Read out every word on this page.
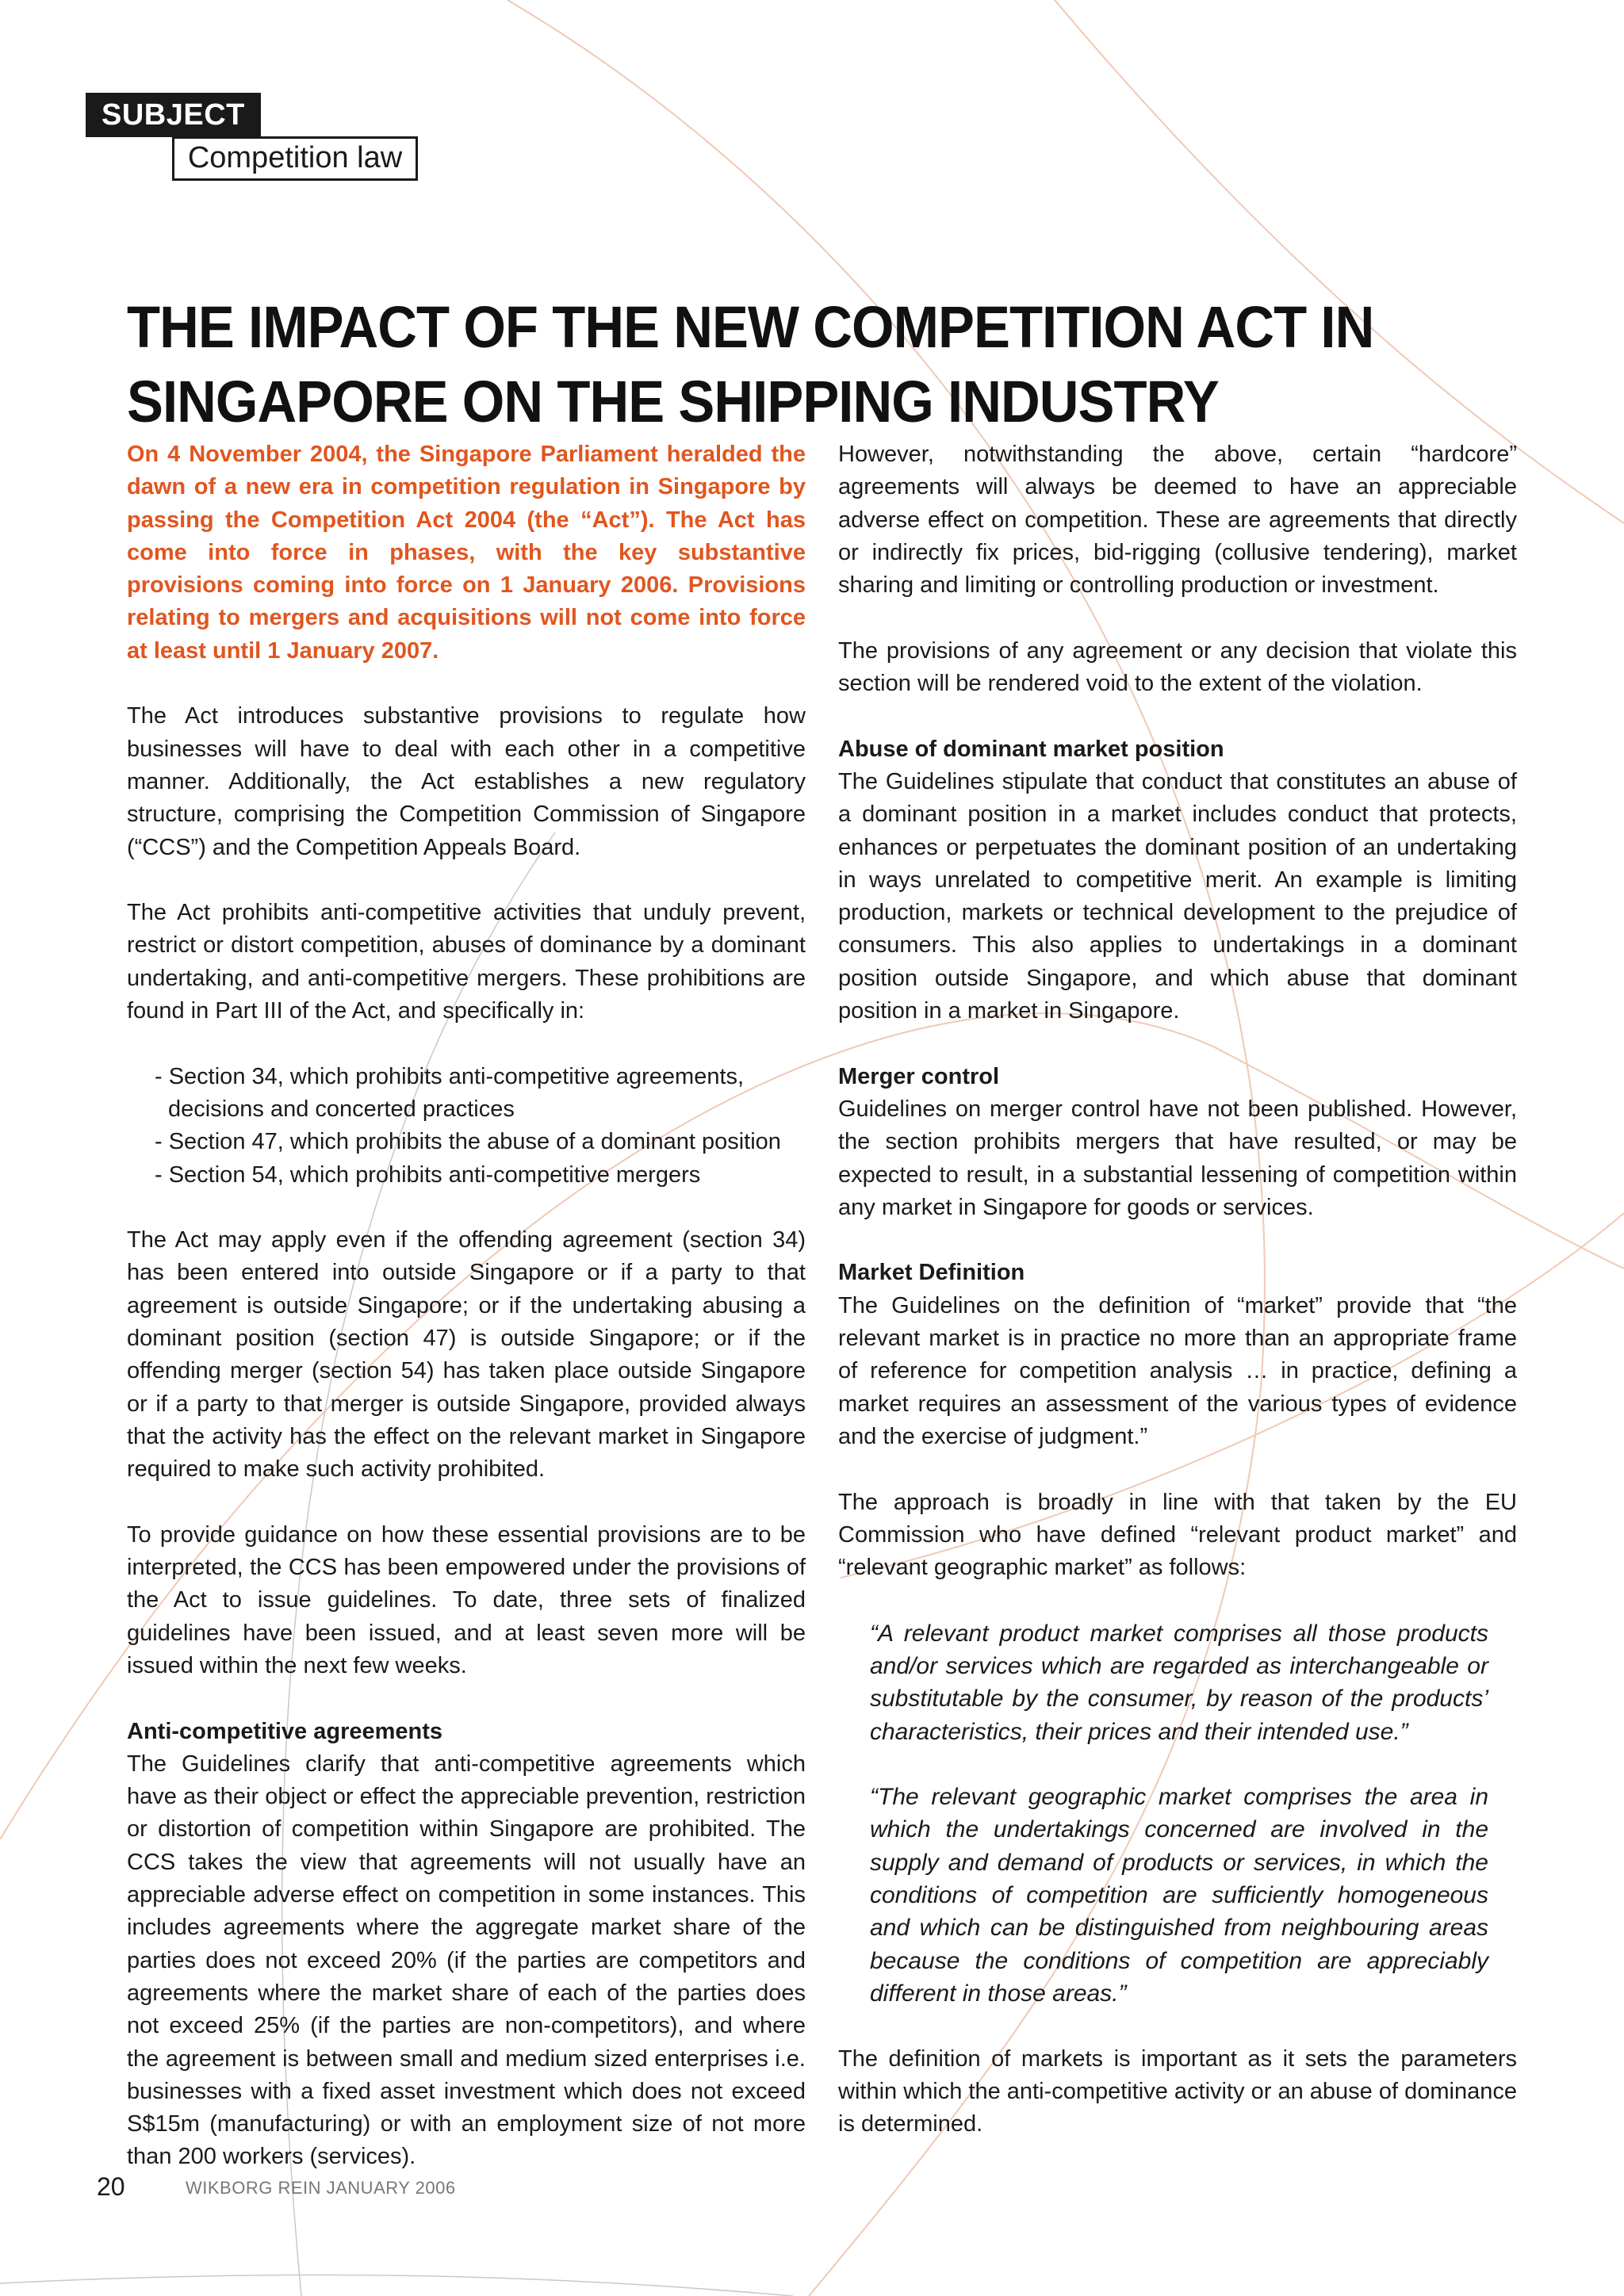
SUBJECT
Competition law
THE IMPACT OF THE NEW COMPETITION ACT IN
SINGAPORE ON THE SHIPPING INDUSTRY

On 4 November 2004, the Singapore Parliament heralded the dawn of a new era in competition regulation in Singapore by passing the Competition Act 2004 (the “Act”). The Act has come into force in phases, with the key substantive provisions coming into force on 1 January 2006. Provisions relating to mergers and acquisitions will not come into force at least until 1 January 2007.

The Act introduces substantive provisions to regulate how businesses will have to deal with each other in a competitive manner. Additionally, the Act establishes a new regulatory structure, comprising the Competition Commission of Singapore (“CCS”) and the Competition Appeals Board.

The Act prohibits anti-competitive activities that unduly prevent, restrict or distort competition, abuses of dominance by a dominant undertaking, and anti-competitive mergers. These prohibitions are found in Part III of the Act, and specifically in:

- Section 34, which prohibits anti-competitive agreements, decisions and concerted practices
- Section 47, which prohibits the abuse of a dominant position
- Section 54, which prohibits anti-competitive mergers

The Act may apply even if the offending agreement (section 34) has been entered into outside Singapore or if a party to that agreement is outside Singapore; or if the undertaking abusing a dominant position (section 47) is outside Singapore; or if the offending merger (section 54) has taken place outside Singapore or if a party to that merger is outside Singapore, provided always that the activity has the effect on the relevant market in Singapore required to make such activity prohibited.

To provide guidance on how these essential provisions are to be interpreted, the CCS has been empowered under the provisions of the Act to issue guidelines. To date, three sets of finalized guidelines have been issued, and at least seven more will be issued within the next few weeks.

Anti-competitive agreements

The Guidelines clarify that anti-competitive agreements which have as their object or effect the appreciable prevention, restriction or distortion of competition within Singapore are prohibited. The CCS takes the view that agreements will not usually have an appreciable adverse effect on competition in some instances. This includes agreements where the aggregate market share of the parties does not exceed 20% (if the parties are competitors and agreements where the market share of each of the parties does not exceed 25% (if the parties are non-competitors), and where the agreement is between small and medium sized enterprises i.e. businesses with a fixed asset investment which does not exceed S$15m (manufacturing) or with an employment size of not more than 200 workers (services).

However, notwithstanding the above, certain “hardcore” agreements will always be deemed to have an appreciable adverse effect on competition. These are agreements that directly or indirectly fix prices, bid-rigging (collusive tendering), market sharing and limiting or controlling production or investment.

The provisions of any agreement or any decision that violate this section will be rendered void to the extent of the violation.

Abuse of dominant market position

The Guidelines stipulate that conduct that constitutes an abuse of a dominant position in a market includes conduct that protects, enhances or perpetuates the dominant position of an undertaking in ways unrelated to competitive merit. An example is limiting production, markets or technical development to the prejudice of consumers. This also applies to undertakings in a dominant position outside Singapore, and which abuse that dominant position in a market in Singapore.

Merger control

Guidelines on merger control have not been published. However, the section prohibits mergers that have resulted, or may be expected to result, in a substantial lessening of competition within any market in Singapore for goods or services.

Market Definition

The Guidelines on the definition of “market” provide that “the relevant market is in practice no more than an appropriate frame of reference for competition analysis … in practice, defining a market requires an assessment of the various types of evidence and the exercise of judgment.”

The approach is broadly in line with that taken by the EU Commission who have defined “relevant product market” and “relevant geographic market” as follows:

“A relevant product market comprises all those products and/or services which are regarded as interchangeable or substitutable by the consumer, by reason of the products’ characteristics, their prices and their intended use.”
“The relevant geographic market comprises the area in which the undertakings concerned are involved in the supply and demand of products or services, in which the conditions of competition are sufficiently homogeneous and which can be distinguished from neighbouring areas because the conditions of competition are appreciably different in those areas.”

The definition of markets is important as it sets the parameters within which the anti-competitive activity or an abuse of dominance is determined.

20	WIKBORG REIN JANUARY 2006
